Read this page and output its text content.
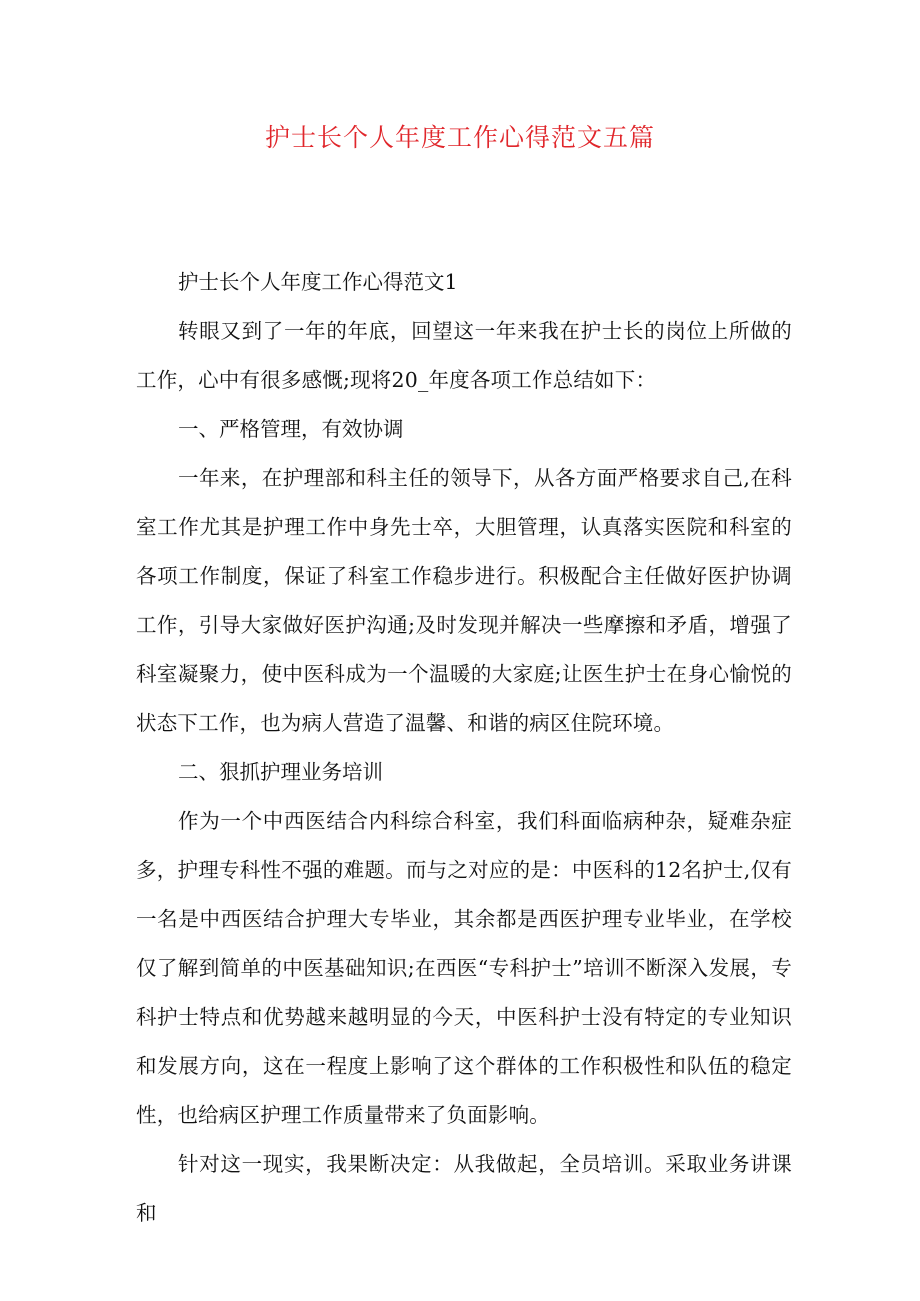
护士长个人年度工作心得范文五篇

护士长个人年度工作心得范文1

转眼又到了一年的年底，回望这一年来我在护士长的岗位上所做的工作，心中有很多感慨;现将20_年度各项工作总结如下：

一、严格管理，有效协调

一年来，在护理部和科主任的领导下，从各方面严格要求自己,在科室工作尤其是护理工作中身先士卒，大胆管理，认真落实医院和科室的各项工作制度，保证了科室工作稳步进行。积极配合主任做好医护协调工作，引导大家做好医护沟通;及时发现并解决一些摩擦和矛盾，增强了科室凝聚力，使中医科成为一个温暖的大家庭;让医生护士在身心愉悦的状态下工作，也为病人营造了温馨、和谐的病区住院环境。

二、狠抓护理业务培训

作为一个中西医结合内科综合科室，我们科面临病种杂，疑难杂症多，护理专科性不强的难题。而与之对应的是：中医科的12名护士,仅有一名是中西医结合护理大专毕业，其余都是西医护理专业毕业，在学校仅了解到简单的中医基础知识;在西医“专科护士”培训不断深入发展，专科护士特点和优势越来越明显的今天，中医科护士没有特定的专业知识和发展方向，这在一程度上影响了这个群体的工作积极性和队伍的稳定性，也给病区护理工作质量带来了负面影响。

针对这一现实，我果断决定：从我做起，全员培训。采取业务讲课和
